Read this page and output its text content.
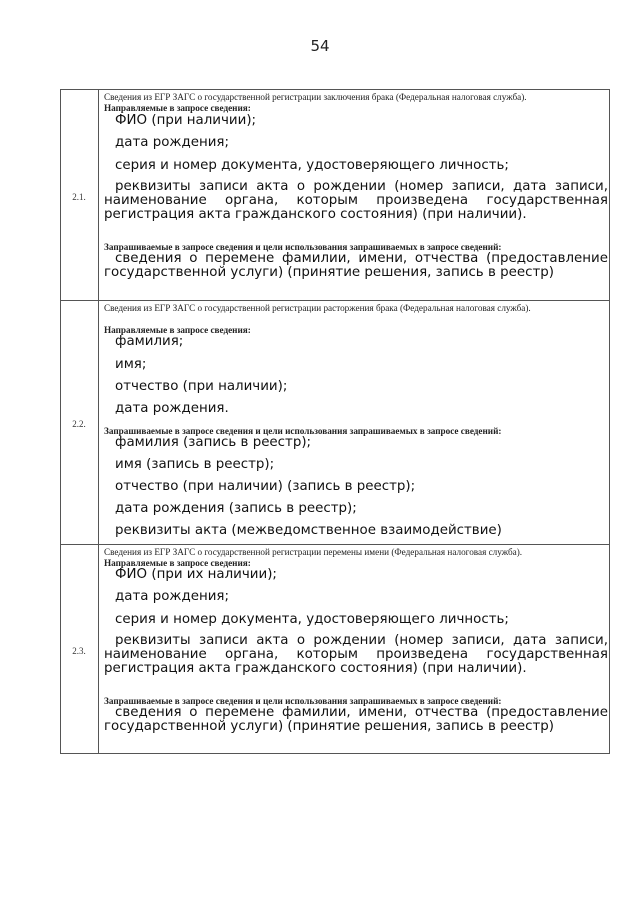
54
2.1.

Сведения из ЕГР ЗАГС о государственной регистрации заключения брака (Федеральная налоговая служба).

Направляемые в запросе сведения:

ФИО (при наличии);

дата рождения;

серия и номер документа, удостоверяющего личность;

реквизиты записи акта о рождении (номер записи, дата записи, наименование органа, которым произведена государственная регистрация акта гражданского состояния) (при наличии).

Запрашиваемые в запросе сведения и цели использования запрашиваемых в запросе сведений:

сведения о перемене фамилии, имени, отчества (предоставление государственной услуги) (принятие решения, запись в реестр)

2.2.

Сведения из ЕГР ЗАГС о государственной регистрации расторжения брака (Федеральная налоговая служба).

Направляемые в запросе сведения:

фамилия;

имя;

отчество (при наличии);

дата рождения.

Запрашиваемые в запросе сведения и цели использования запрашиваемых в запросе сведений:

фамилия (запись в реестр);

имя (запись в реестр);

отчество (при наличии) (запись в реестр);

дата рождения (запись в реестр);

реквизиты акта (межведомственное взаимодействие)

2.3.

Сведения из ЕГР ЗАГС о государственной регистрации перемены имени (Федеральная налоговая служба).

Направляемые в запросе сведения:

ФИО (при их наличии);

дата рождения;

серия и номер документа, удостоверяющего личность;

реквизиты записи акта о рождении (номер записи, дата записи, наименование органа, которым произведена государственная регистрация акта гражданского состояния) (при наличии).

Запрашиваемые в запросе сведения и цели использования запрашиваемых в запросе сведений:

сведения о перемене фамилии, имени, отчества (предоставление государственной услуги) (принятие решения, запись в реестр)
